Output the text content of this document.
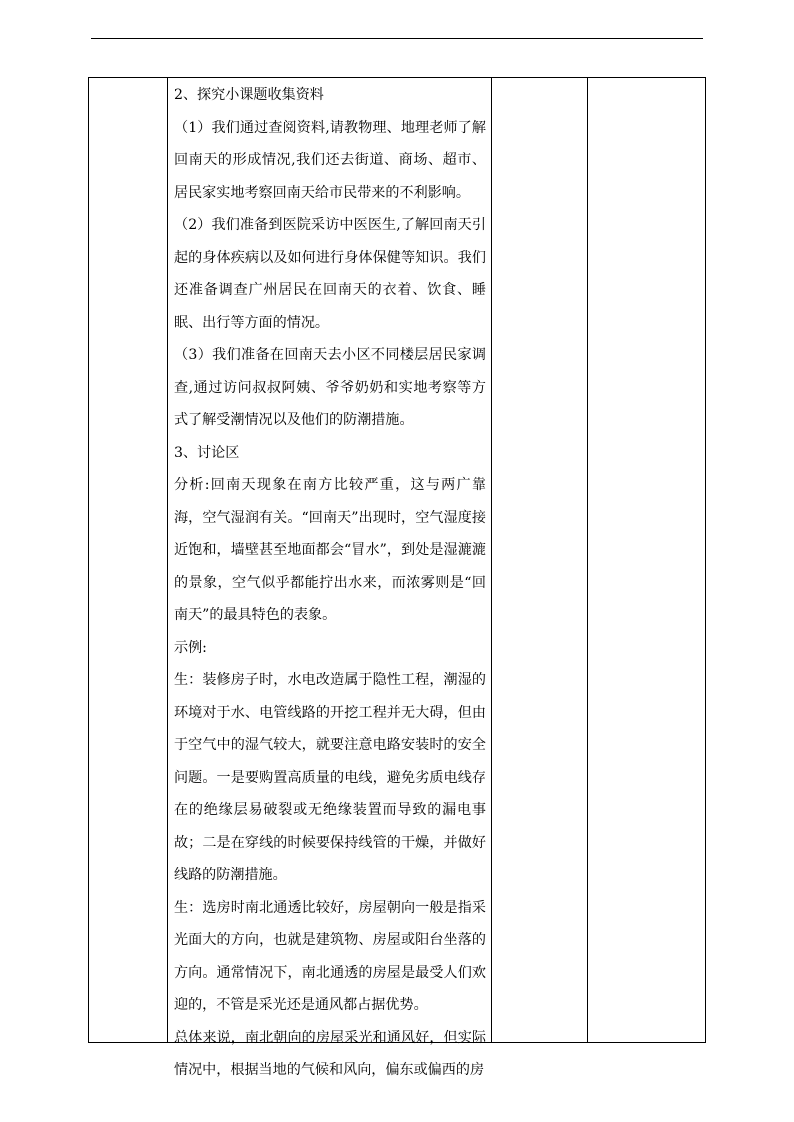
2、探究小课题收集资料

（1）我们通过查阅资料,请教物理、地理老师了解回南天的形成情况,我们还去街道、商场、超市、居民家实地考察回南天给市民带来的不利影响。

（2）我们准备到医院采访中医医生,了解回南天引起的身体疾病以及如何进行身体保健等知识。我们还准备调查广州居民在回南天的衣着、饮食、睡眠、出行等方面的情况。

（3）我们准备在回南天去小区不同楼层居民家调查,通过访问叔叔阿姨、爷爷奶奶和实地考察等方式了解受潮情况以及他们的防潮措施。

3、讨论区

分析:回南天现象在南方比较严重，这与两广靠海，空气湿润有关。“回南天”出现时，空气湿度接近饱和，墙壁甚至地面都会“冒水”，到处是湿漉漉的景象，空气似乎都能拧出水来，而浓雾则是“回南天”的最具特色的表象。

示例:

生：装修房子时，水电改造属于隐性工程，潮湿的环境对于水、电管线路的开挖工程并无大碍，但由于空气中的湿气较大，就要注意电路安装时的安全问题。一是要购置高质量的电线，避免劣质电线存在的绝缘层易破裂或无绝缘装置而导致的漏电事故；二是在穿线的时候要保持线管的干燥，并做好线路的防潮措施。

生：选房时南北通透比较好，房屋朝向一般是指采光面大的方向，也就是建筑物、房屋或阳台坐落的方向。通常情况下，南北通透的房屋是最受人们欢迎的，不管是采光还是通风都占据优势。

总体来说，南北朝向的房屋采光和通风好，但实际情况中，根据当地的气候和风向，偏东或偏西的房
